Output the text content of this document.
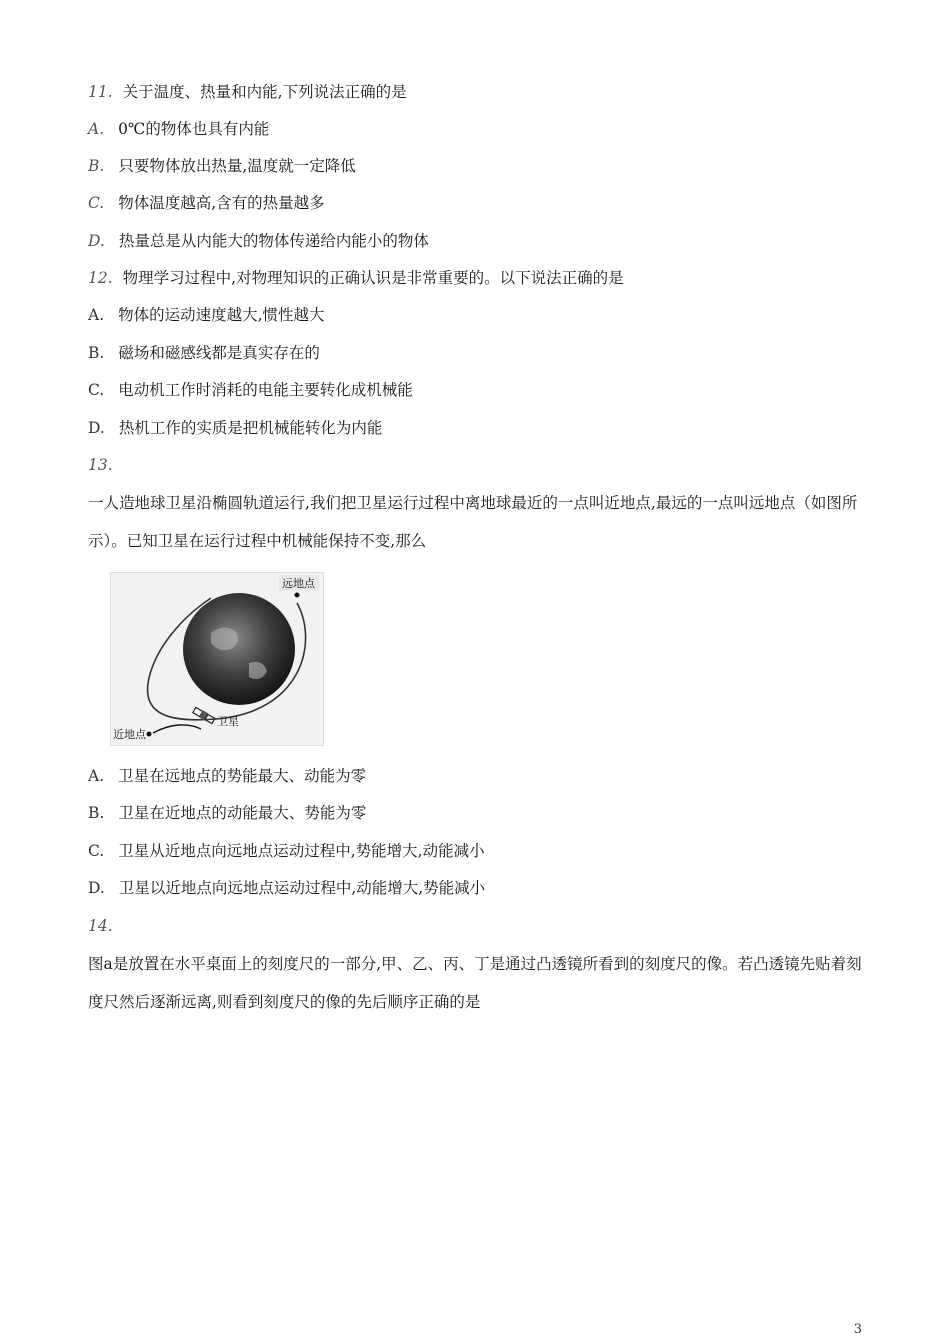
11. 关于温度、热量和内能,下列说法正确的是
A. 0℃的物体也具有内能
B. 只要物体放出热量,温度就一定降低
C. 物体温度越高,含有的热量越多
D. 热量总是从内能大的物体传递给内能小的物体
12. 物理学习过程中,对物理知识的正确认识是非常重要的。以下说法正确的是
A. 物体的运动速度越大,惯性越大
B. 磁场和磁感线都是真实存在的
C. 电动机工作时消耗的电能主要转化成机械能
D. 热机工作的实质是把机械能转化为内能
13.
一人造地球卫星沿椭圆轨道运行,我们把卫星运行过程中离地球最近的一点叫近地点,最远的一点叫远地点（如图所示）。已知卫星在运行过程中机械能保持不变,那么
远地点
近地点
卫星
A. 卫星在远地点的势能最大、动能为零
B. 卫星在近地点的动能最大、势能为零
C. 卫星从近地点向远地点运动过程中,势能增大,动能减小
D. 卫星以近地点向远地点运动过程中,动能增大,势能减小
14.
图a是放置在水平桌面上的刻度尺的一部分,甲、乙、丙、丁是通过凸透镜所看到的刻度尺的像。若凸透镜先贴着刻度尺然后逐渐远离,则看到刻度尺的像的先后顺序正确的是
3
